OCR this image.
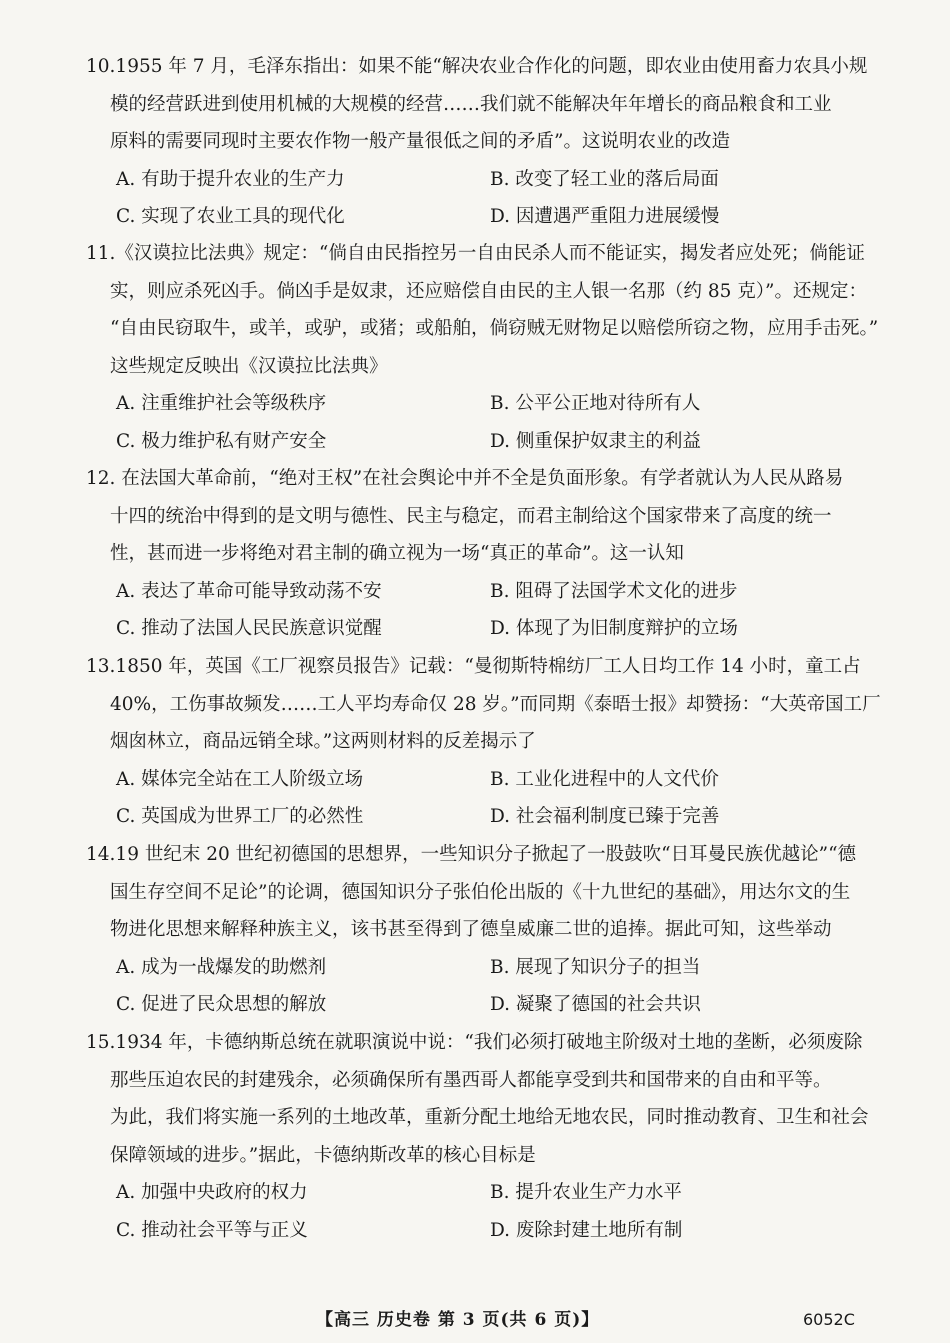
10.1955 年 7 月，毛泽东指出：如果不能“解决农业合作化的问题，即农业由使用畜力农具小规
模的经营跃进到使用机械的大规模的经营……我们就不能解决年年增长的商品粮食和工业
原料的需要同现时主要农作物一般产量很低之间的矛盾”。这说明农业的改造
A. 有助于提升农业的生产力	B. 改变了轻工业的落后局面
C. 实现了农业工具的现代化	D. 因遭遇严重阻力进展缓慢
11.《汉谟拉比法典》规定：“倘自由民指控另一自由民杀人而不能证实，揭发者应处死；倘能证
实，则应杀死凶手。倘凶手是奴隶，还应赔偿自由民的主人银一名那（约 85 克）”。还规定：
“自由民窃取牛，或羊，或驴，或猪；或船舶，倘窃贼无财物足以赔偿所窃之物，应用手击死。”
这些规定反映出《汉谟拉比法典》
A. 注重维护社会等级秩序	B. 公平公正地对待所有人
C. 极力维护私有财产安全	D. 侧重保护奴隶主的利益
12. 在法国大革命前，“绝对王权”在社会舆论中并不全是负面形象。有学者就认为人民从路易
十四的统治中得到的是文明与德性、民主与稳定，而君主制给这个国家带来了高度的统一
性，甚而进一步将绝对君主制的确立视为一场“真正的革命”。这一认知
A. 表达了革命可能导致动荡不安	B. 阻碍了法国学术文化的进步
C. 推动了法国人民民族意识觉醒	D. 体现了为旧制度辩护的立场
13.1850 年，英国《工厂视察员报告》记载：“曼彻斯特棉纺厂工人日均工作 14 小时，童工占
40%，工伤事故频发……工人平均寿命仅 28 岁。”而同期《泰晤士报》却赞扬：“大英帝国工厂
烟囱林立，商品远销全球。”这两则材料的反差揭示了
A. 媒体完全站在工人阶级立场	B. 工业化进程中的人文代价
C. 英国成为世界工厂的必然性	D. 社会福利制度已臻于完善
14.19 世纪末 20 世纪初德国的思想界，一些知识分子掀起了一股鼓吹“日耳曼民族优越论”“德
国生存空间不足论”的论调，德国知识分子张伯伦出版的《十九世纪的基础》，用达尔文的生
物进化思想来解释种族主义，该书甚至得到了德皇威廉二世的追捧。据此可知，这些举动
A. 成为一战爆发的助燃剂	B. 展现了知识分子的担当
C. 促进了民众思想的解放	D. 凝聚了德国的社会共识
15.1934 年，卡德纳斯总统在就职演说中说：“我们必须打破地主阶级对土地的垄断，必须废除
那些压迫农民的封建残余，必须确保所有墨西哥人都能享受到共和国带来的自由和平等。
为此，我们将实施一系列的土地改革，重新分配土地给无地农民，同时推动教育、卫生和社会
保障领域的进步。”据此，卡德纳斯改革的核心目标是
A. 加强中央政府的权力	B. 提升农业生产力水平
C. 推动社会平等与正义	D. 废除封建土地所有制
【高三 历史卷 第 3 页(共 6 页)】	6052C
